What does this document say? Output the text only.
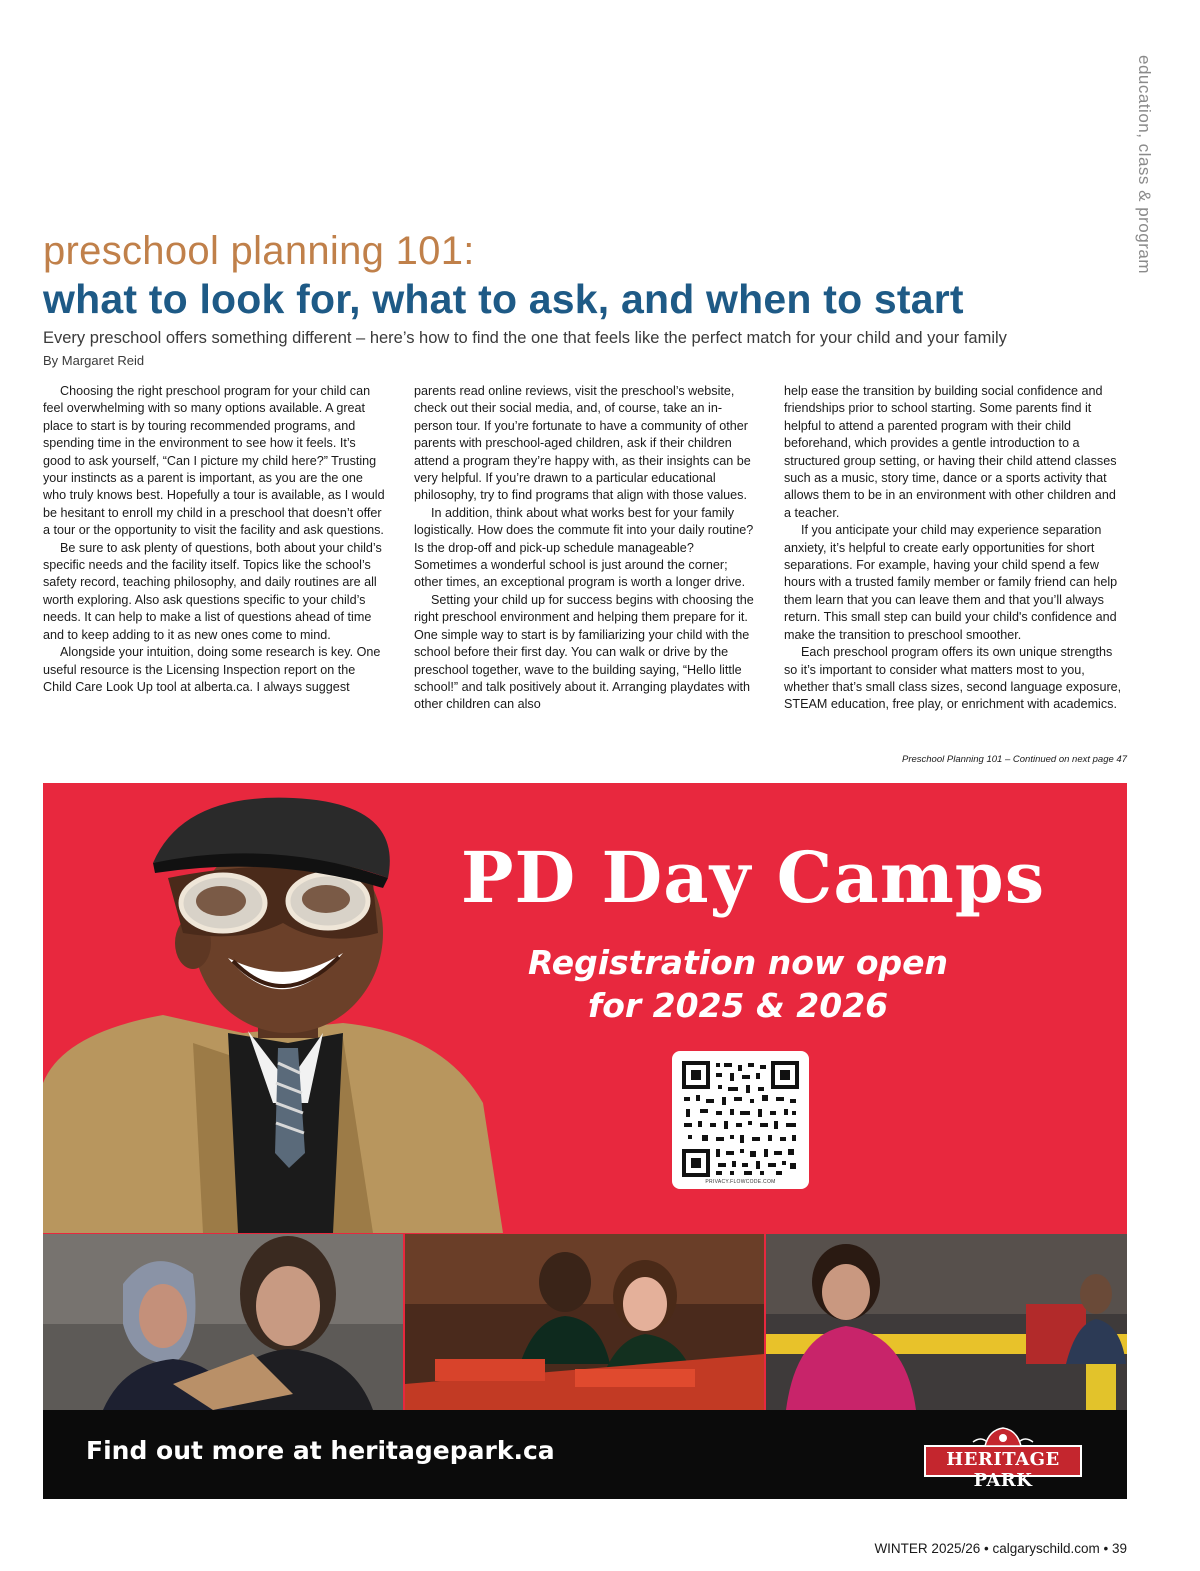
education, class & program
preschool planning 101:
what to look for, what to ask, and when to start

Every preschool offers something different – here’s how to find the one that feels like the perfect match for your child and your family

By Margaret Reid

Choosing the right preschool program for your child can feel overwhelming with so many options available. A great place to start is by touring recommended programs, and spending time in the environment to see how it feels. It’s good to ask yourself, “Can I picture my child here?” Trusting your instincts as a parent is important, as you are the one who truly knows best. Hopefully a tour is available, as I would be hesitant to enroll my child in a preschool that doesn’t offer a tour or the opportunity to visit the facility and ask questions.

Be sure to ask plenty of questions, both about your child’s specific needs and the facility itself. Topics like the school’s safety record, teaching philosophy, and daily routines are all worth exploring. Also ask questions specific to your child’s needs. It can help to make a list of questions ahead of time and to keep adding to it as new ones come to mind.

Alongside your intuition, doing some research is key. One useful resource is the Licensing Inspection report on the Child Care Look Up tool at alberta.ca. I always suggest

parents read online reviews, visit the preschool’s website, check out their social media, and, of course, take an in-person tour. If you’re fortunate to have a community of other parents with preschool-aged children, ask if their children attend a program they’re happy with, as their insights can be very helpful. If you’re drawn to a particular educational philosophy, try to find programs that align with those values.

In addition, think about what works best for your family logistically. How does the commute fit into your daily routine? Is the drop-off and pick-up schedule manageable? Sometimes a wonderful school is just around the corner; other times, an exceptional program is worth a longer drive.

Setting your child up for success begins with choosing the right preschool environment and helping them prepare for it. One simple way to start is by familiarizing your child with the school before their first day. You can walk or drive by the preschool together, wave to the building saying, “Hello little school!” and talk positively about it. Arranging playdates with other children can also

help ease the transition by building social confidence and friendships prior to school starting. Some parents find it helpful to attend a parented program with their child beforehand, which provides a gentle introduction to a structured group setting, or having their child attend classes such as a music, story time, dance or a sports activity that allows them to be in an environment with other children and a teacher.

If you anticipate your child may experience separation anxiety, it’s helpful to create early opportunities for short separations. For example, having your child spend a few hours with a trusted family member or family friend can help them learn that you can leave them and that you’ll always return. This small step can build your child's confidence and make the transition to preschool smoother.

Each preschool program offers its own unique strengths so it’s important to consider what matters most to you, whether that’s small class sizes, second language exposure, STEAM education, free play, or enrichment with academics.

Preschool Planning 101 – Continued on next page 47
PD Day Camps
Registration now open
for 2025 & 2026
PRIVACY.FLOWCODE.COM
Find out more at heritagepark.ca	HERITAGE PARK
WINTER 2025/26 • calgaryschild.com • 39
